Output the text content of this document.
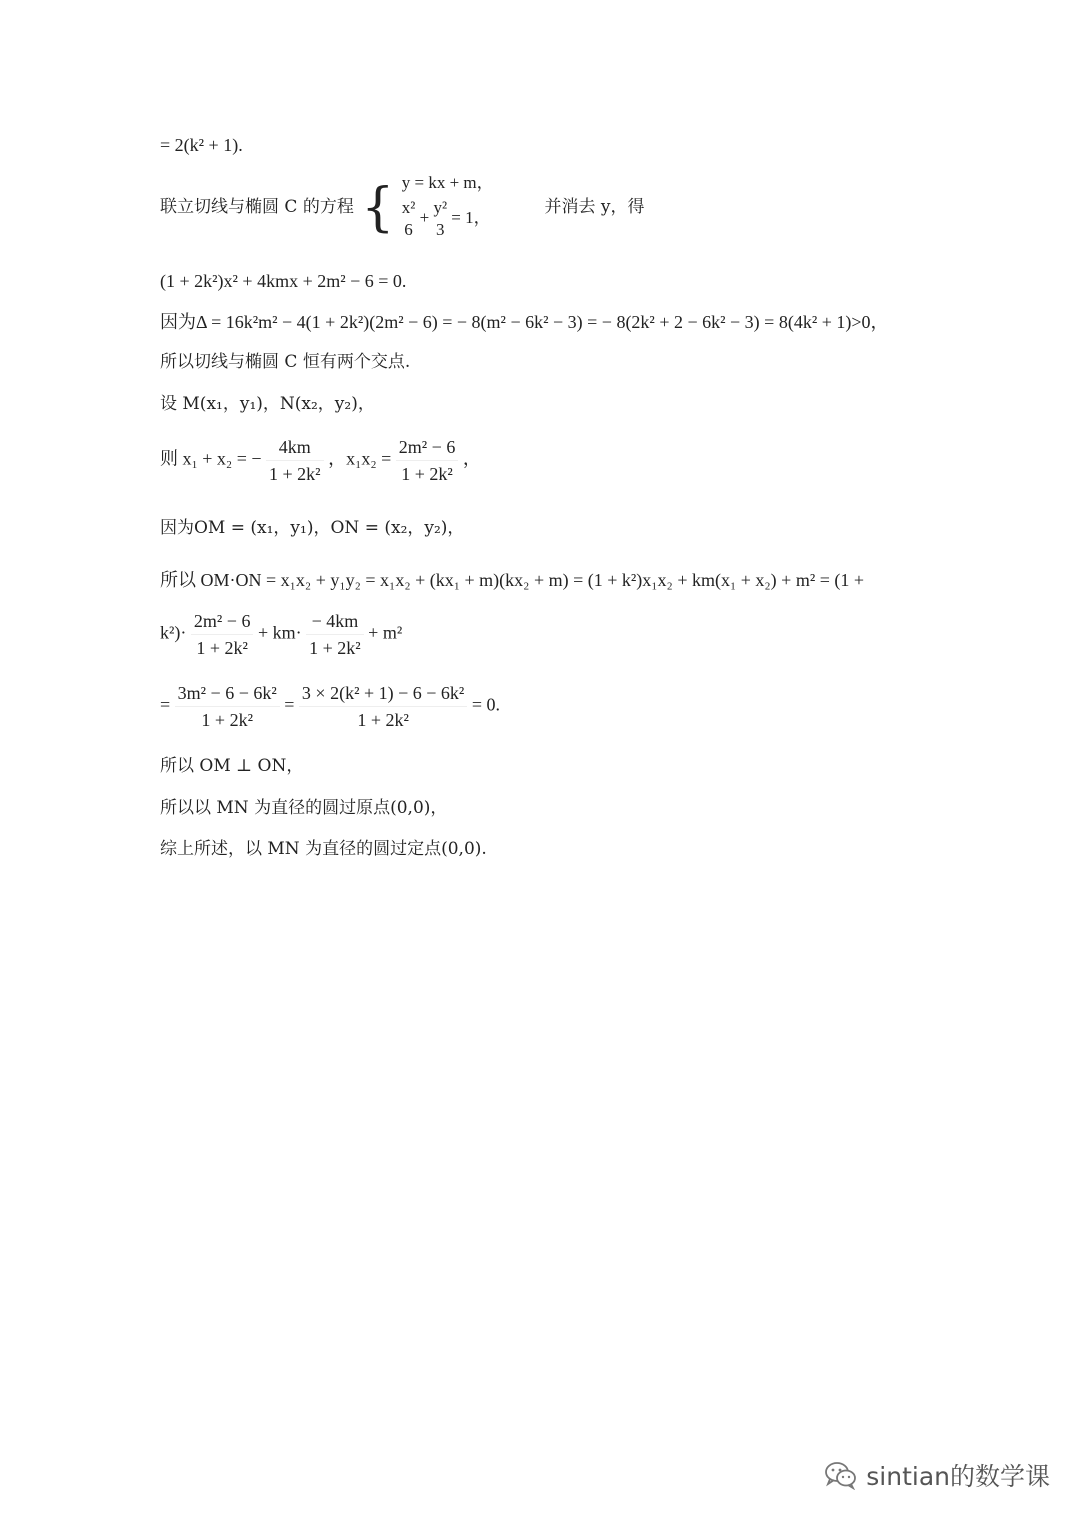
= 2(k² + 1).
联立切线与椭圆 C 的方程 { y = kx + m，
x²
6
+
y²
3
= 1，
并消去 y，得
(1 + 2k²)x² + 4kmx + 2m² − 6 = 0.
因为Δ = 16k²m² − 4(1 + 2k²)(2m² − 6) = − 8(m² − 6k² − 3) = − 8(2k² + 2 − 6k² − 3) = 8(4k² + 1)>0，
所以切线与椭圆 C 恒有两个交点.
设 M(x₁，y₁)，N(x₂，y₂)，
则 x₁ + x₂ = − $\frac{4km}{\text{1 + 2k²}}$ ，$x_1x_2 = \frac{\text{2m² − 6}}{\text{1 + 2k²}}$ ，
因为OM = (x₁，y₁)，ON = (x₂，y₂)，
所以 OM·ON = x₁x₂ + y₁y₂ = x₁x₂ + (kx₁ + m)(kx₂ + m) = (1 + k²)x₁x₂ + km(x₁ + x₂) + m² = (1 +
$k^2)\cdot \frac{\text{2m² − 6}}{\text{1 + 2k²}} + km\cdot \frac{- 4km}{\text{1 + 2k²}} + m^2$
= $\frac{\text{3m² − 6 − 6k²}}{\text{1 + 2k²}} = \frac{\text{3 × 2(k² + 1) − 6 − 6k²}}{\text{1 + 2k²}} = 0$.
所以 OM ⊥ ON，
所以以 MN 为直径的圆过原点(0,0)，
综上所述，以 MN 为直径的圆过定点(0,0).
sintian的数学课
